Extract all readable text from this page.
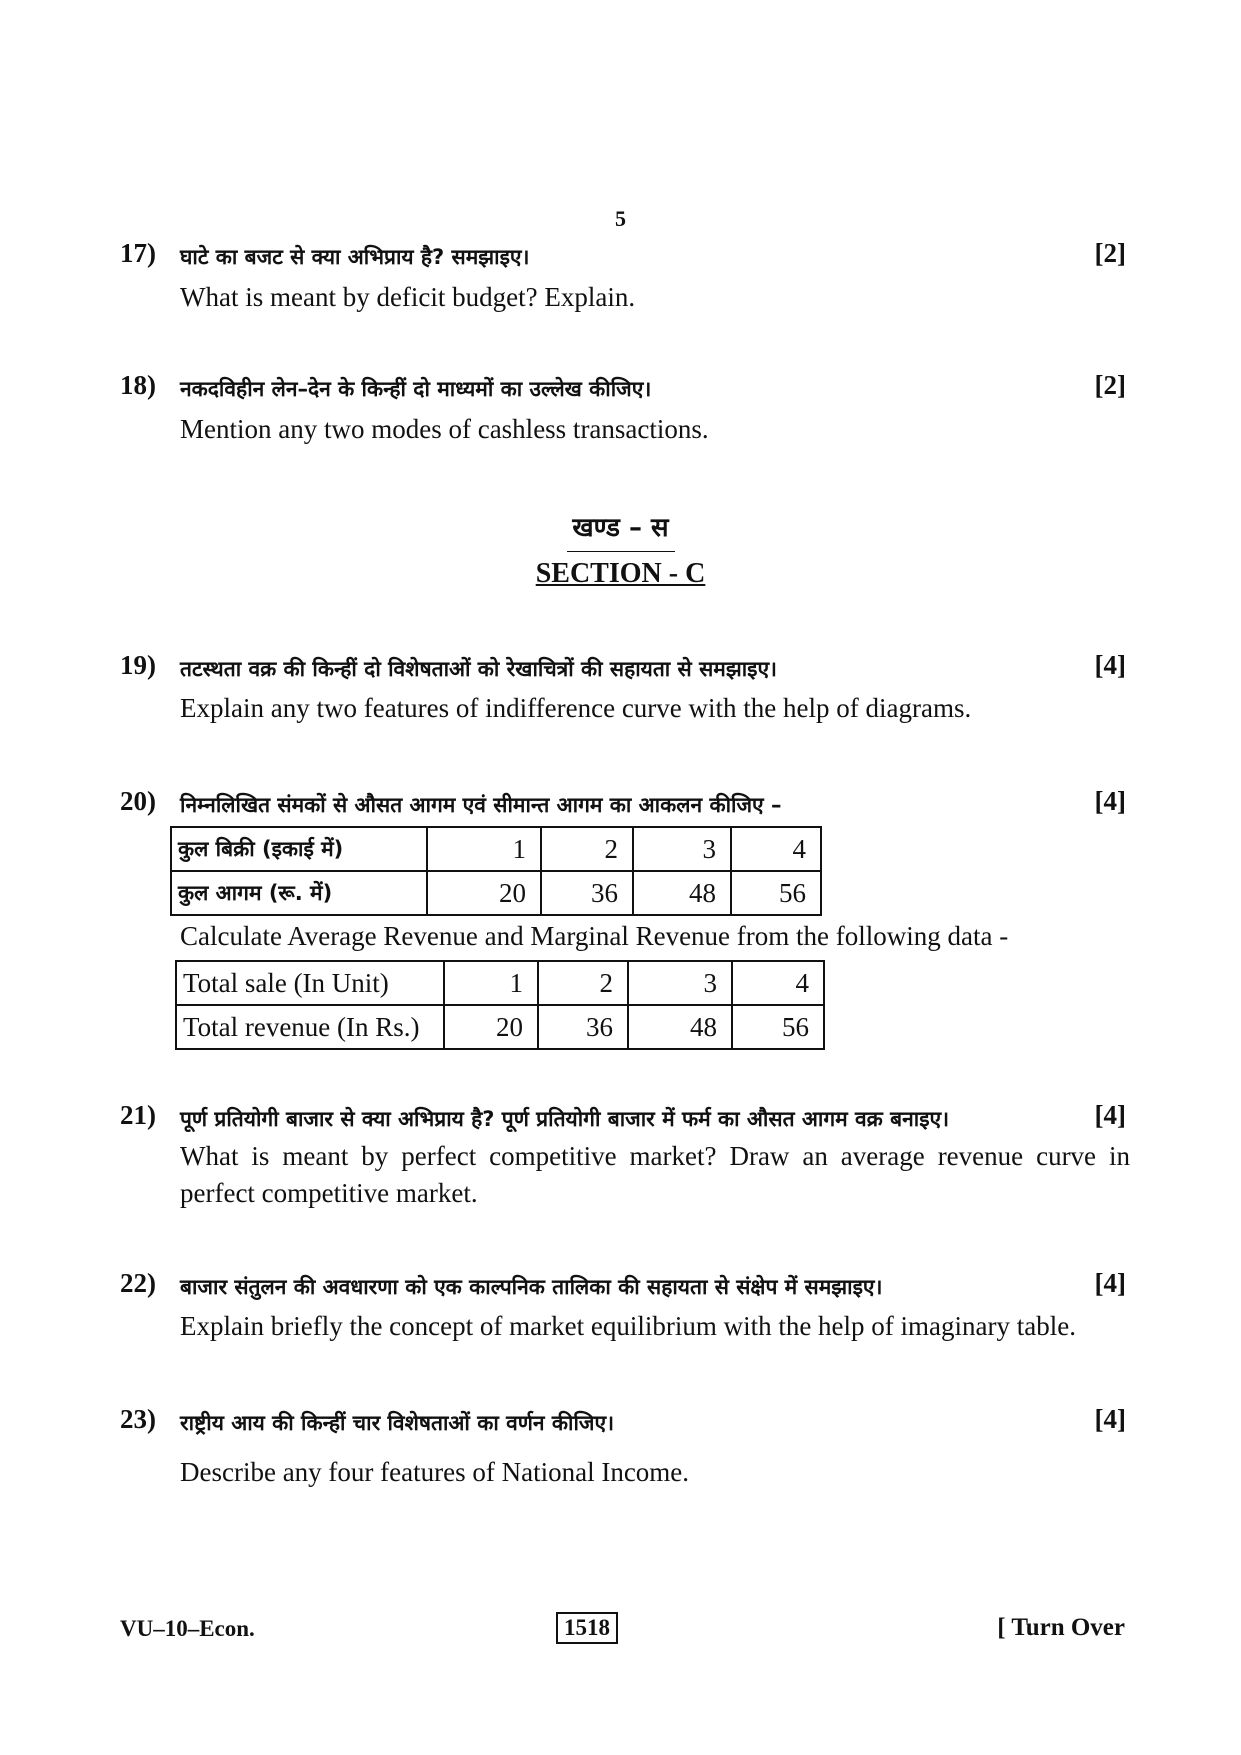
5
17) घाटे का बजट से क्या अभिप्राय है? समझाइए।	[2]
What is meant by deficit budget? Explain.
18) नकदविहीन लेन–देन के किन्हीं दो माध्यमों का उल्लेख कीजिए।	[2]
Mention any two modes of cashless transactions.
खण्ड – स
SECTION - C
19) तटस्थता वक्र की किन्हीं दो विशेषताओं को रेखाचित्रों की सहायता से समझाइए।	[4]
Explain any two features of indifference curve with the help of diagrams.
20) निम्नलिखित संमकों से औसत आगम एवं सीमान्त आगम का आकलन कीजिए –	[4]
कुल बिक्री (इकाई में)	1	2	3	4
कुल आगम (रू. में)	20	36	48	56
Calculate Average Revenue and Marginal Revenue from the following data -
Total sale (In Unit)	1	2	3	4
Total revenue (In Rs.)	20	36	48	56
21) पूर्ण प्रतियोगी बाजार से क्या अभिप्राय है? पूर्ण प्रतियोगी बाजार में फर्म का औसत आगम वक्र बनाइए।	[4]
What is meant by perfect competitive market? Draw an average revenue curve in perfect competitive market.
22) बाजार संतुलन की अवधारणा को एक काल्पनिक तालिका की सहायता से संक्षेप में समझाइए।	[4]
Explain briefly the concept of market equilibrium with the help of imaginary table.
23) राष्ट्रीय आय की किन्हीं चार विशेषताओं का वर्णन कीजिए।	[4]
Describe any four features of National Income.
VU–10–Econ.	1518	[ Turn Over
